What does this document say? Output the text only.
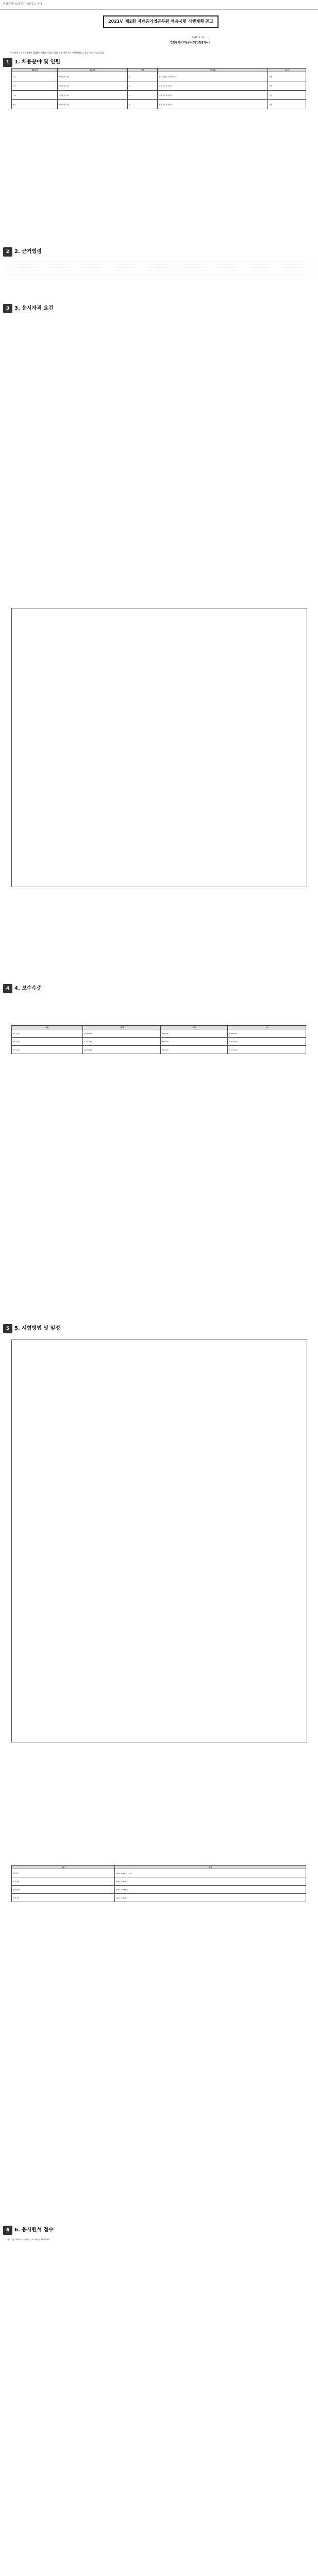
인천광역시교통공사 채용공고 안내
2021년 제2회 지방공기업공무원 채용시험 시행계획 공고
2021. 4. 13.
인천광역시교통공사장(인천광역시)
인천광역시교통공사에서 2021년 제2회 지방공기업공무원 채용시험 시행계획을 다음과 같이 공고합니다.
1 1. 채용분야 및 인원
채용분야	채용직급	인원	업무내용	근무지
토목	지방공업직 9급	1	토목 시설물 유지관리 업무	인천
전기	지방공업직 9급	1	전기 설비 유지관리	인천
기계	지방공업직 9급	1	기계 설비 유지관리	인천
통신	지방공업직 9급	1	통신 설비 유지관리	인천
2 2. 근거법령
3 3. 응시자격 요건
4 4. 보수수준
구분	기본급	수당	계
9급 1호봉	1,668,000	420,000	2,088,000
8급 1호봉	1,727,000	430,000	2,157,000
7급 1호봉	1,893,000	450,000	2,343,000
5 5. 시험방법 및 일정
구분	일정
원서접수	2021. 4. 26. ~ 4. 30.
필기시험	2021. 6. 5.(토)
합격자발표	2021. 6. 18.(금)
면접시험	2021. 7. 3.(토)
6 6. 응시원서 접수
접수기간: 2021. 4. 26.(월) ~ 4. 30.(금) 18:00까지
